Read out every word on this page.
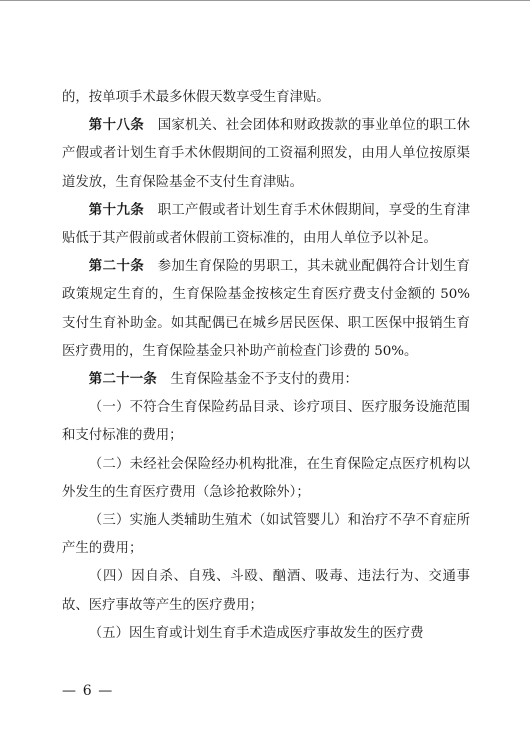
的，按单项手术最多休假天数享受生育津贴。

第十八条 国家机关、社会团体和财政拨款的事业单位的职工休产假或者计划生育手术休假期间的工资福利照发，由用人单位按原渠道发放，生育保险基金不支付生育津贴。

第十九条 职工产假或者计划生育手术休假期间，享受的生育津贴低于其产假前或者休假前工资标准的，由用人单位予以补足。

第二十条 参加生育保险的男职工，其未就业配偶符合计划生育政策规定生育的，生育保险基金按核定生育医疗费支付金额的 50%支付生育补助金。如其配偶已在城乡居民医保、职工医保中报销生育医疗费用的，生育保险基金只补助产前检查门诊费的 50%。

第二十一条 生育保险基金不予支付的费用：

（一）不符合生育保险药品目录、诊疗项目、医疗服务设施范围和支付标准的费用；

（二）未经社会保险经办机构批准，在生育保险定点医疗机构以外发生的生育医疗费用（急诊抢救除外）；

（三）实施人类辅助生殖术（如试管婴儿）和治疗不孕不育症所产生的费用；

（四）因自杀、自残、斗殴、酗酒、吸毒、违法行为、交通事故、医疗事故等产生的医疗费用；

（五）因生育或计划生育手术造成医疗事故发生的医疗费

— 6 —
